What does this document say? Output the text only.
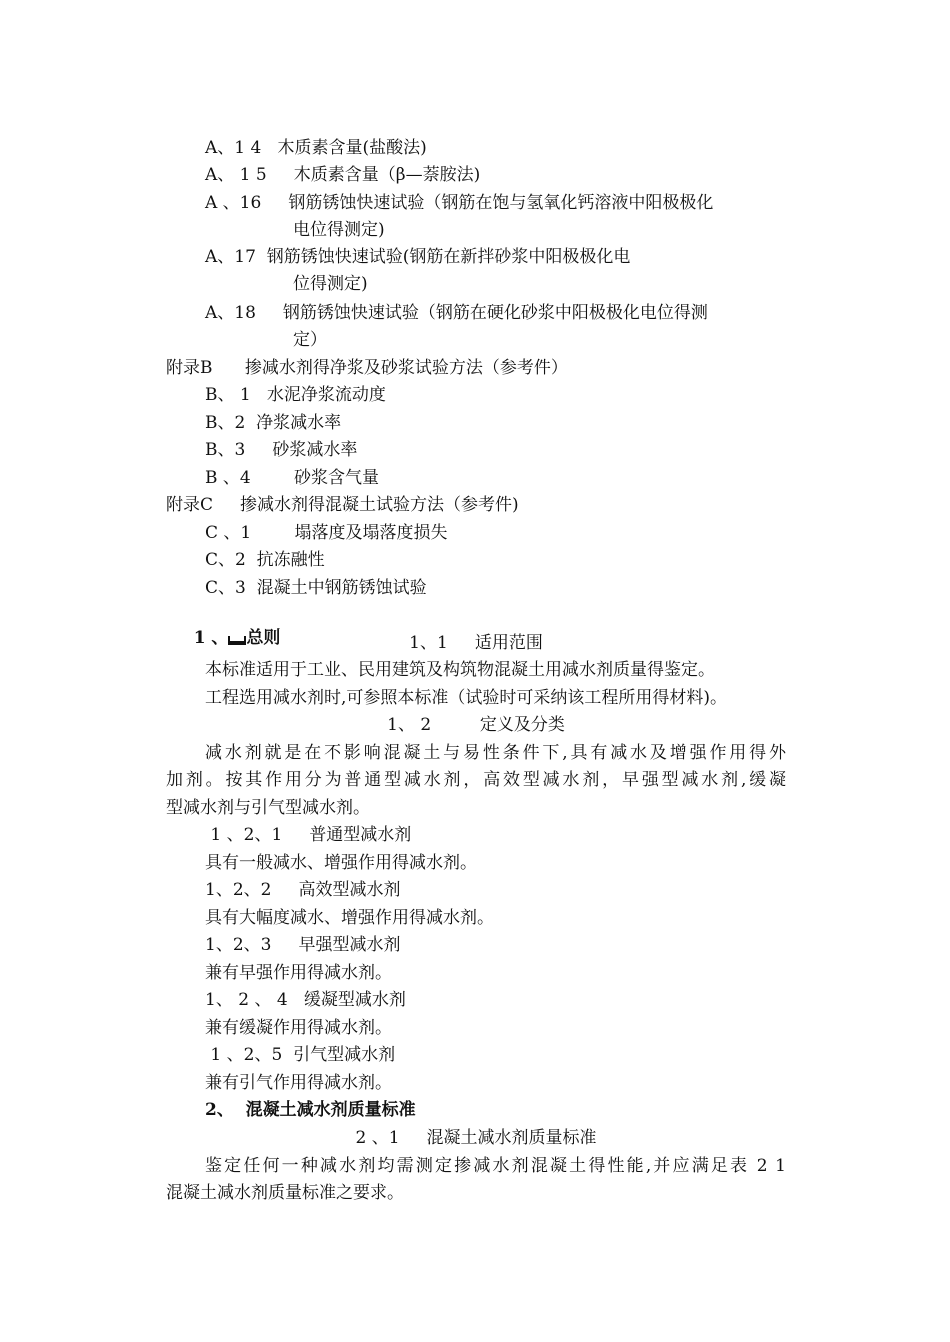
A、1 4   木质素含量(盐酸法)
A、 1 5     木质素含量（β—萘胺法)
A 、16     钢筋锈蚀快速试验（钢筋在饱与氢氧化钙溶液中阳极极化
电位得测定)
A、17  钢筋锈蚀快速试验(钢筋在新拌砂浆中阳极极化电
位得测定)
A、18     钢筋锈蚀快速试验（钢筋在硬化砂浆中阳极极化电位得测
定）
附录B      掺减水剂得净浆及砂浆试验方法（参考件）
B、 1   水泥净浆流动度
B、2  净浆减水率
B、3     砂浆减水率
B 、4        砂浆含气量
附录C     掺减水剂得混凝土试验方法（参考件)
C 、1        塌落度及塌落度损失
C、2  抗冻融性
C、3  混凝土中钢筋锈蚀试验

1 、 总则
	1、1     适用范围
本标准适用于工业、民用建筑及构筑物混凝土用减水剂质量得鉴定。
工程选用减水剂时,可参照本标准（试验时可采纳该工程所用得材料)。
1、 2         定义及分类
减水剂就是在不影响混凝土与易性条件下,具有减水及增强作用得外
加剂。按其作用分为普通型减水剂，高效型减水剂，早强型减水剂,缓凝
型减水剂与引气型减水剂。
1 、2、1     普通型减水剂
具有一般减水、增强作用得减水剂。
1、2、2     高效型减水剂
具有大幅度减水、增强作用得减水剂。
1、2、3     早强型减水剂
兼有早强作用得减水剂。
1、 2 、 4   缓凝型减水剂
兼有缓凝作用得减水剂。
1 、2、5  引气型减水剂
兼有引气作用得减水剂。
2、  混凝土减水剂质量标准
2 、1     混凝土减水剂质量标准
鉴定任何一种减水剂均需测定掺减水剂混凝土得性能,并应满足表 2 1
混凝土减水剂质量标准之要求。
